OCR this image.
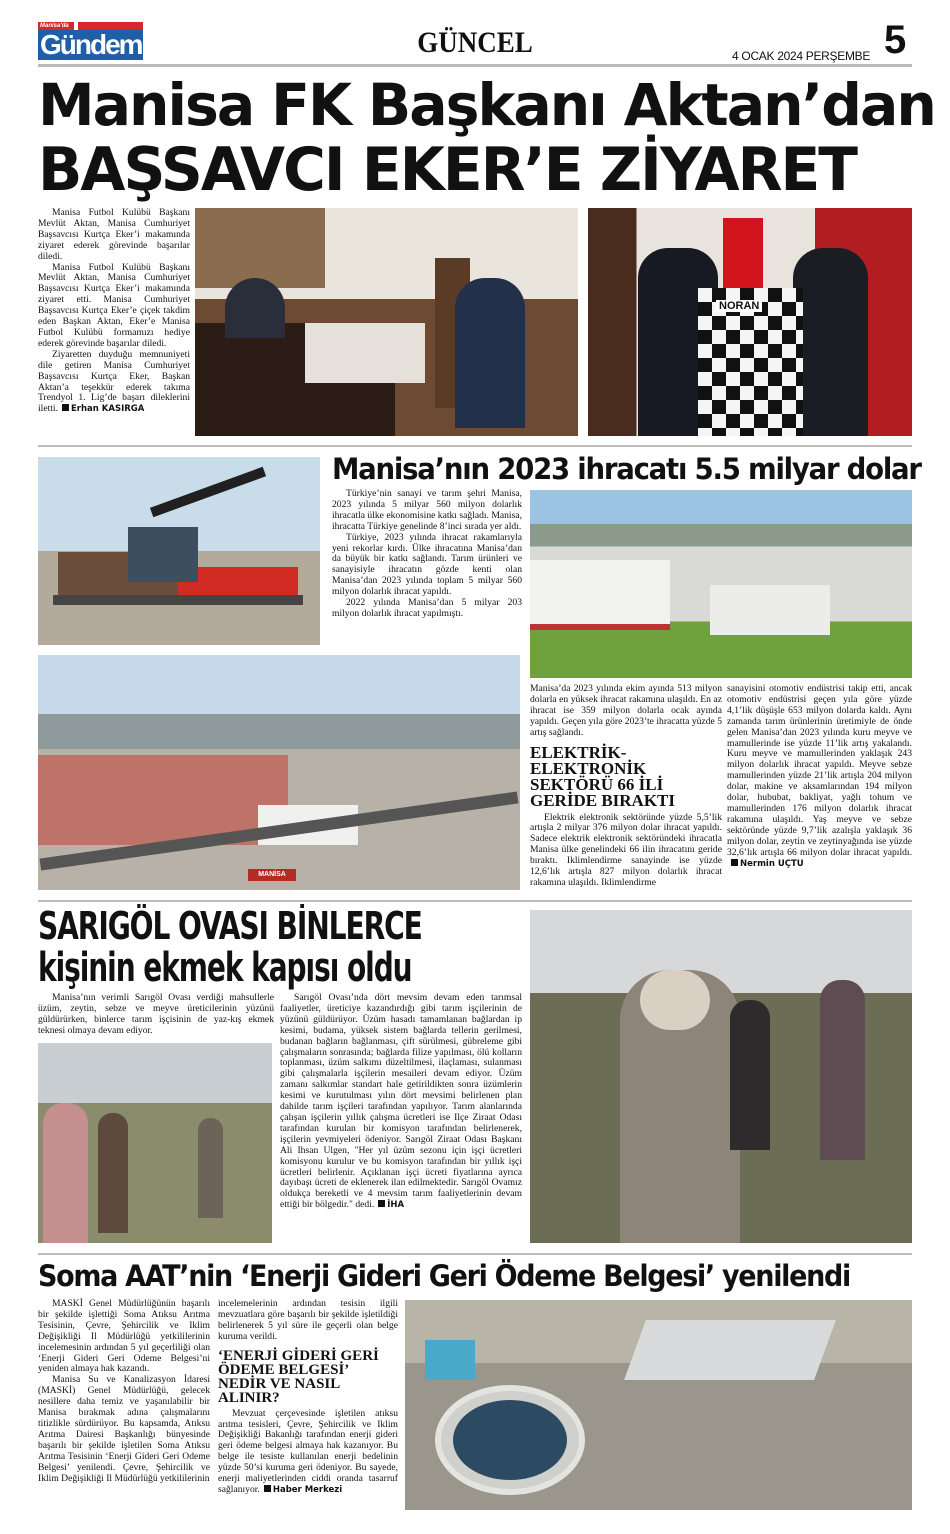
Manisa'da
Gündem	GÜNCEL	4 OCAK 2024 PERŞEMBE 5
Manisa FK Başkanı Aktan’dan
BAŞSAVCI EKER’E ZİYARET

Manisa Futbol Kulübü Başkanı Mevlüt Aktan, Manisa Cumhuriyet Başsavcısı Kurtça Eker’i makamında ziyaret ederek görevinde başarılar diledi.

Manisa Futbol Kulübü Başkanı Mevlüt Aktan, Manisa Cumhuriyet Başsavcısı Kurtça Eker’i makamında ziyaret etti. Manisa Cumhuriyet Başsavcısı Kurtça Eker’e çiçek takdim eden Başkan Aktan, Eker’e Manisa Futbol Kulübü formamızı hediye ederek görevinde başarılar diledi.

Ziyaretten duyduğu memnuniyeti dile getiren Manisa Cumhuriyet Başsavcısı Kurtça Eker, Başkan Aktan’a teşekkür ederek takıma Trendyol 1. Lig’de başarı dileklerini iletti. Erhan KASIRGA

NORAN
Manisa’nın 2023 ihracatı 5.5 milyar dolar

Türkiye’nin sanayi ve tarım şehri Manisa, 2023 yılında 5 milyar 560 milyon dolarlık ihracatla ülke ekonomisine katkı sağladı. Manisa, ihracatta Türkiye genelinde 8’inci sırada yer aldı.

Türkiye, 2023 yılında ihracat rakamlarıyla yeni rekorlar kırdı. Ülke ihracatına Manisa’dan da büyük bir katkı sağlandı. Tarım ürünleri ve sanayisiyle ihracatın gözde kenti olan Manisa’dan 2023 yılında toplam 5 milyar 560 milyon dolarlık ihracat yapıldı.

2022 yılında Manisa’dan 5 milyar 203 milyon dolarlık ihracat yapılmıştı.

MANİSA

Manisa’da 2023 yılında ekim ayında 513 milyon dolarla en yüksek ihracat rakamına ulaşıldı. En az ihracat ise 359 milyon dolarla ocak ayında yapıldı. Geçen yıla göre 2023’te ihracatta yüzde 5 artış sağlandı.

ELEKTRİK-ELEKTRONİK SEKTÖRÜ 66 İLİ GERİDE BIRAKTI

Elektrik elektronik sektöründe yüzde 5,5’lik artışla 2 milyar 376 milyon dolar ihracat yapıldı. Sadece elektrik elektronik sektöründeki ihracatla Manisa ülke genelindeki 66 ilin ihracatını geride bıraktı. Iklimlendirme sanayinde ise yüzde 12,6’lık artışla 827 milyon dolarlık ihracat rakamına ulaşıldı. Iklimlendirme

sanayisini otomotiv endüstrisi takip etti, ancak otomotiv endüstrisi geçen yıla göre yüzde 4,1’lik düşüşle 653 milyon dolarda kaldı. Aynı zamanda tarım ürünlerinin üretimiyle de önde gelen Manisa’dan 2023 yılında kuru meyve ve mamullerinde ise yüzde 11’lik artış yakalandı. Kuru meyve ve mamullerinden yaklaşık 243 milyon dolarlık ihracat yapıldı. Meyve sebze mamullerinden yüzde 21’lik artışla 204 milyon dolar, makine ve aksamlarından 194 milyon dolar, hububat, bakliyat, yağlı tohum ve mamullerinden 176 milyon dolarlık ihracat rakamına ulaşıldı. Yaş meyve ve sebze sektöründe yüzde 9,7’lik azalışla yaklaşık 36 milyon dolar, zeytin ve zeytinyağında ise yüzde 32,6’lık artışla 66 milyon dolar ihracat yapıldı.Nermin UÇTU

SARIGÖL OVASI BİNLERCE
kişinin ekmek kapısı oldu

Manisa’nın verimli Sarıgöl Ovası verdiği mahsullerle üzüm, zeytin, sebze ve meyve üreticilerinin yüzünü güldürürken, binlerce tarım işçisinin de yaz-kış ekmek teknesi olmaya devam ediyor.

Sarıgöl Ovası’nda dört mevsim devam eden tarımsal faaliyetler, üreticiye kazandırdığı gibi tarım işçilerinin de yüzünü güldürüyor. Üzüm hasadı tamamlanan bağlardan ip kesimi, budama, yüksek sistem bağlarda tellerin gerilmesi, budanan bağların bağlanması, çift sürülmesi, gübreleme gibi çalışmaların sonrasında; bağlarda filize yapılması, ölü kolların toplanması, üzüm salkımı düzeltilmesi, ilaçlaması, sulanması gibi çalışmalarla işçilerin mesaileri devam ediyor. Üzüm zamanı salkımlar standart hale getirildikten sonra üzümlerin kesimi ve kurutulması yılın dört mevsimi belirlenen plan dahilde tarım işçileri tarafından yapılıyor. Tarım alanlarında çalışan işçilerin yıllık çalışma ücretleri ise Ilçe Ziraat Odası tarafından kurulan bir komisyon tarafından belirlenerek, işçilerin yevmiyeleri ödeniyor. Sarıgöl Ziraat Odası Başkanı Ali Ihsan Ulgen, "Her yıl üzüm sezonu için işçi ücretleri komisyonu kurulur ve bu komisyon tarafından bir yıllık işçi ücretleri belirlenir. Açıklanan işçi ücreti fiyatlarına ayrıca dayıbaşı ücreti de eklenerek ilan edilmektedir. Sarıgöl Ovamız oldukça bereketli ve 4 mevsim tarım faaliyetlerinin devam ettiği bir bölgedir." dedi. İHA

Soma AAT’nin ‘Enerji Gideri Geri Ödeme Belgesi’ yenilendi

MASKİ Genel Müdürlüğünün başarılı bir şekilde işlettiği Soma Atıksu Arıtma Tesisinin, Çevre, Şehircilik ve Iklim Değişikliği Il Müdürlüğü yetkililerinin incelemesinin ardından 5 yıl geçerliliği olan ‘Enerji Gideri Geri Odeme Belgesi’ni yeniden almaya hak kazandı.

Manisa Su ve Kanalizasyon İdaresi (MASKİ) Genel Müdürlüğü, gelecek nesillere daha temiz ve yaşanılabilir bir Manisa bırakmak adına çalışmalarını titizlikle sürdürüyor. Bu kapsamda, Atıksu Arıtma Dairesi Başkanlığı bünyesinde başarılı bir şekilde işletilen Soma Atıksu Arıtma Tesisinin ‘Enerji Gideri Geri Odeme Belgesi’ yenilendi. Çevre, Şehircilik ve Iklim Değişikliği Il Müdürlüğü yetkililerinin

incelemelerinin ardından tesisin ilgili mevzuatlara göre başarılı bir şekilde işletildiği belirlenerek 5 yıl süre ile geçerli olan belge kuruma verildi.

‘ENERJİ GİDERİ GERİ ÖDEME BELGESİ’ NEDİR VE NASIL ALINIR?

Mevzuat çerçevesinde işletilen atıksu arıtma tesisleri, Çevre, Şehircilik ve Iklim Değişikliği Bakanlığı tarafından enerji gideri geri ödeme belgesi almaya hak kazanıyor. Bu belge ile tesiste kullanılan enerji bedelinin yüzde 50’si kuruma geri ödeniyor. Bu sayede, enerji maliyetlerinden ciddi oranda tasarruf sağlanıyor. Haber Merkezi
